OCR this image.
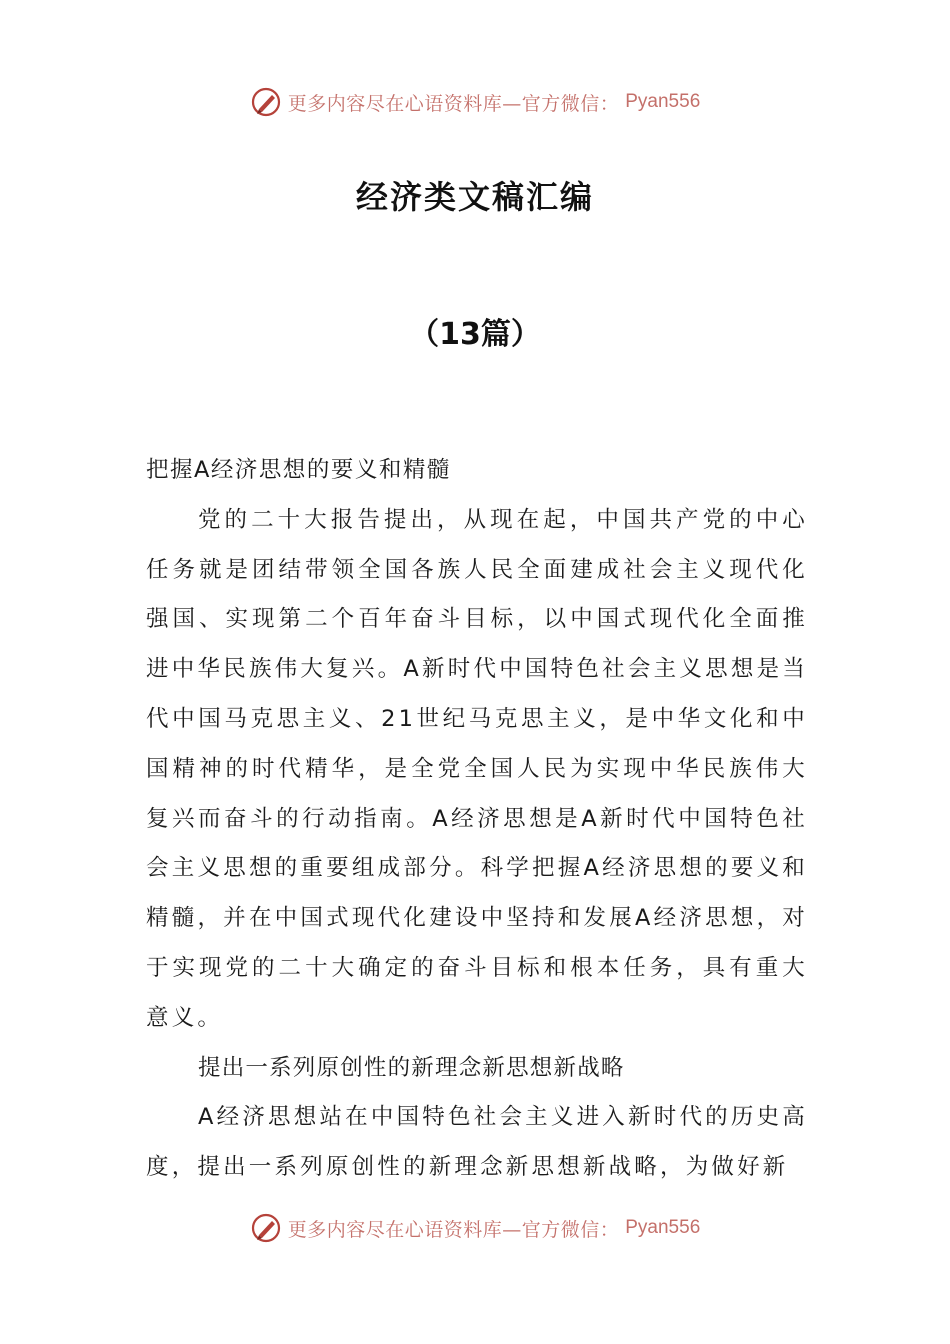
更多内容尽在心语资料库—官方微信： Pyan556
经济类文稿汇编
（13篇）

把握A经济思想的要义和精髓

党的二十大报告提出，从现在起，中国共产党的中心任务就是团结带领全国各族人民全面建成社会主义现代化强国、实现第二个百年奋斗目标，以中国式现代化全面推进中华民族伟大复兴。A新时代中国特色社会主义思想是当代中国马克思主义、21世纪马克思主义，是中华文化和中国精神的时代精华，是全党全国人民为实现中华民族伟大复兴而奋斗的行动指南。A经济思想是A新时代中国特色社会主义思想的重要组成部分。科学把握A经济思想的要义和精髓，并在中国式现代化建设中坚持和发展A经济思想，对于实现党的二十大确定的奋斗目标和根本任务，具有重大意义。

提出一系列原创性的新理念新思想新战略

A经济思想站在中国特色社会主义进入新时代的历史高度，提出一系列原创性的新理念新思想新战略，为做好新

更多内容尽在心语资料库—官方微信： Pyan556
